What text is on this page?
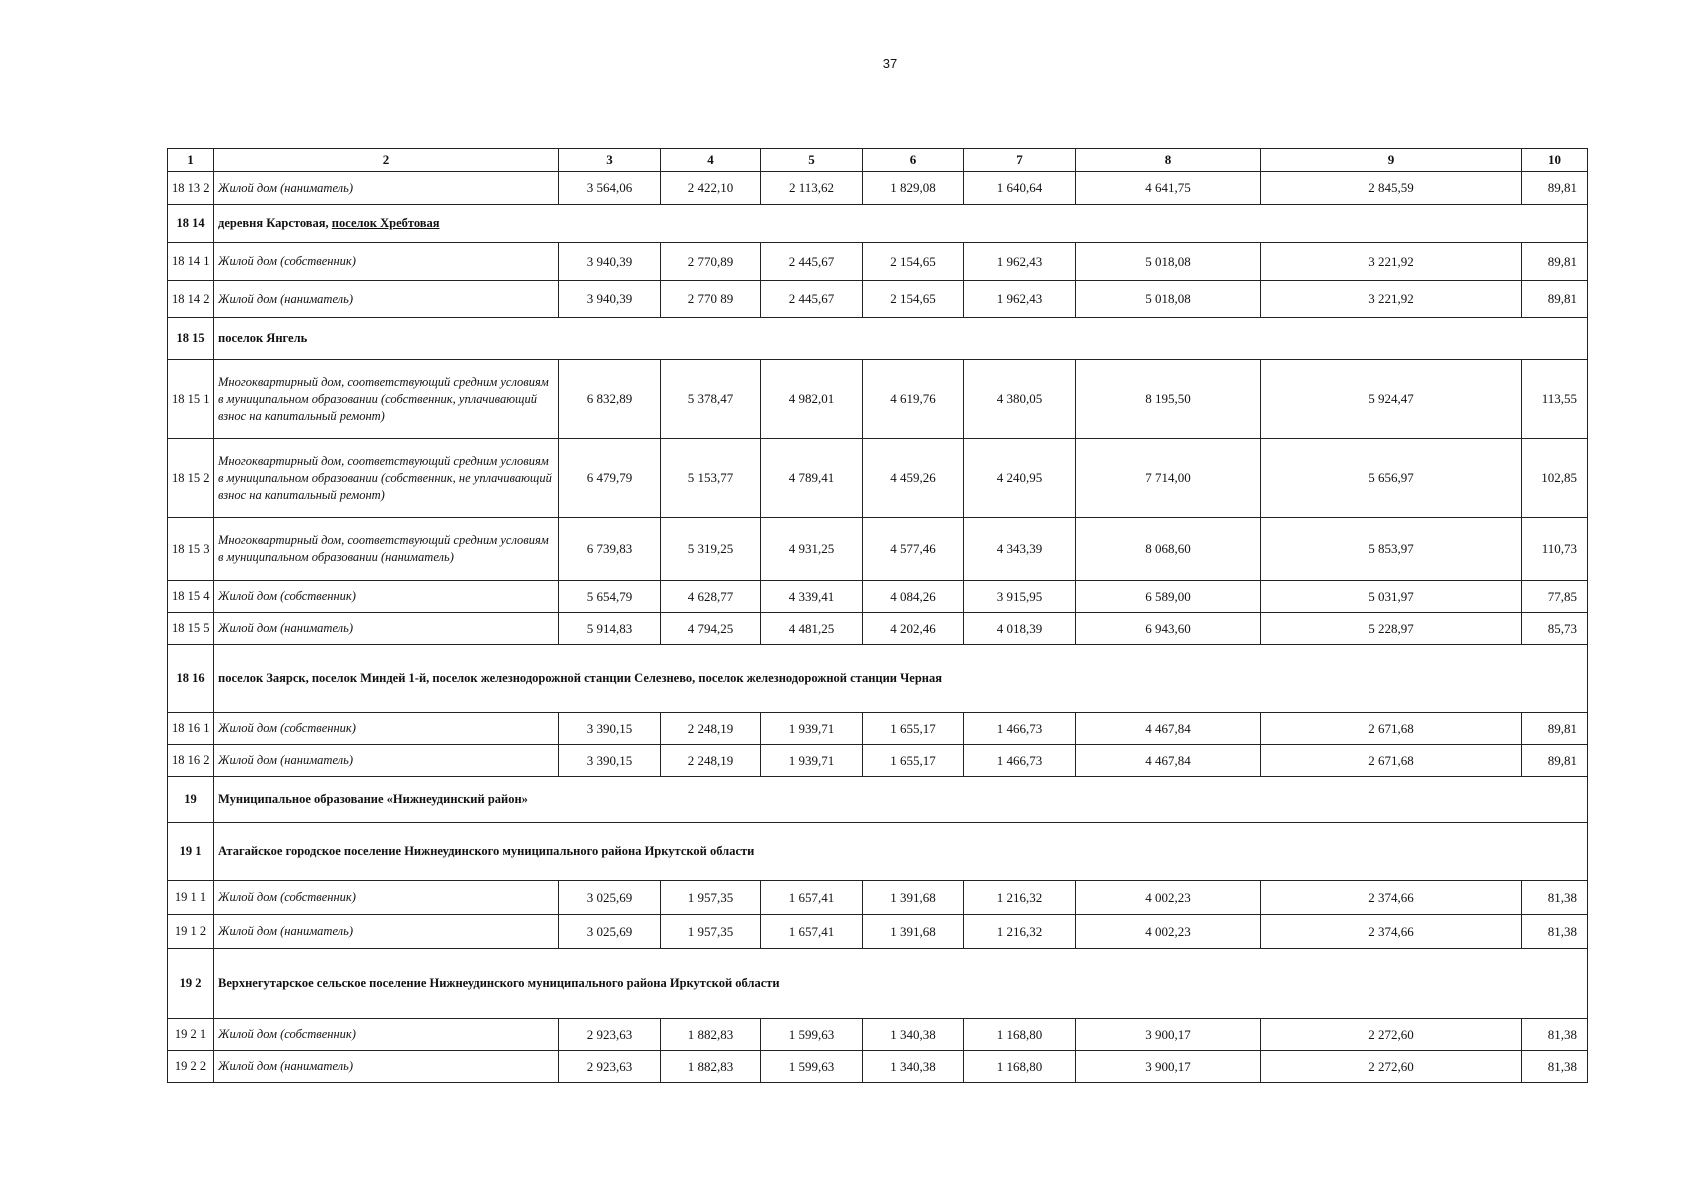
37
1	2	3	4	5	6	7	8	9	10
18 13 2	Жилой дом (наниматель)	3 564,06	2 422,10	2 113,62	1 829,08	1 640,64	4 641,75	2 845,59	89,81
18 14	деревня Карстовая, поселок Хребтовая								
18 14 1	Жилой дом (собственник)	3 940,39	2 770,89	2 445,67	2 154,65	1 962,43	5 018,08	3 221,92	89,81
18 14 2	Жилой дом (наниматель)	3 940,39	2 770 89	2 445,67	2 154,65	1 962,43	5 018,08	3 221,92	89,81
18 15	поселок Янгель								
18 15 1	Многоквартирный дом, соответствующий средним условиям в муниципальном образовании (собственник, уплачивающий взнос на капитальный ремонт)	6 832,89	5 378,47	4 982,01	4 619,76	4 380,05	8 195,50	5 924,47	113,55
18 15 2	Многоквартирный дом, соответствующий средним условиям в муниципальном образовании (собственник, не уплачивающий взнос на капитальный ремонт)	6 479,79	5 153,77	4 789,41	4 459,26	4 240,95	7 714,00	5 656,97	102,85
18 15 3	Многоквартирный дом, соответствующий средним условиям в муниципальном образовании (наниматель)	6 739,83	5 319,25	4 931,25	4 577,46	4 343,39	8 068,60	5 853,97	110,73
18 15 4	Жилой дом (собственник)	5 654,79	4 628,77	4 339,41	4 084,26	3 915,95	6 589,00	5 031,97	77,85
18 15 5	Жилой дом (наниматель)	5 914,83	4 794,25	4 481,25	4 202,46	4 018,39	6 943,60	5 228,97	85,73
18 16	поселок Заярск, поселок Миндей 1-й, поселок железнодорожной станции Селезнево, поселок железнодорожной станции Черная								
18 16 1	Жилой дом (собственник)	3 390,15	2 248,19	1 939,71	1 655,17	1 466,73	4 467,84	2 671,68	89,81
18 16 2	Жилой дом (наниматель)	3 390,15	2 248,19	1 939,71	1 655,17	1 466,73	4 467,84	2 671,68	89,81
19	Муниципальное образование «Нижнеудинский район»								
19 1	Атагайское городское поселение Нижнеудинского муниципального района Иркутской области								
19 1 1	Жилой дом (собственник)	3 025,69	1 957,35	1 657,41	1 391,68	1 216,32	4 002,23	2 374,66	81,38
19 1 2	Жилой дом (наниматель)	3 025,69	1 957,35	1 657,41	1 391,68	1 216,32	4 002,23	2 374,66	81,38
19 2	Верхнегутарское сельское поселение Нижнеудинского муниципального района Иркутской области								
19 2 1	Жилой дом (собственник)	2 923,63	1 882,83	1 599,63	1 340,38	1 168,80	3 900,17	2 272,60	81,38
19 2 2	Жилой дом (наниматель)	2 923,63	1 882,83	1 599,63	1 340,38	1 168,80	3 900,17	2 272,60	81,38
